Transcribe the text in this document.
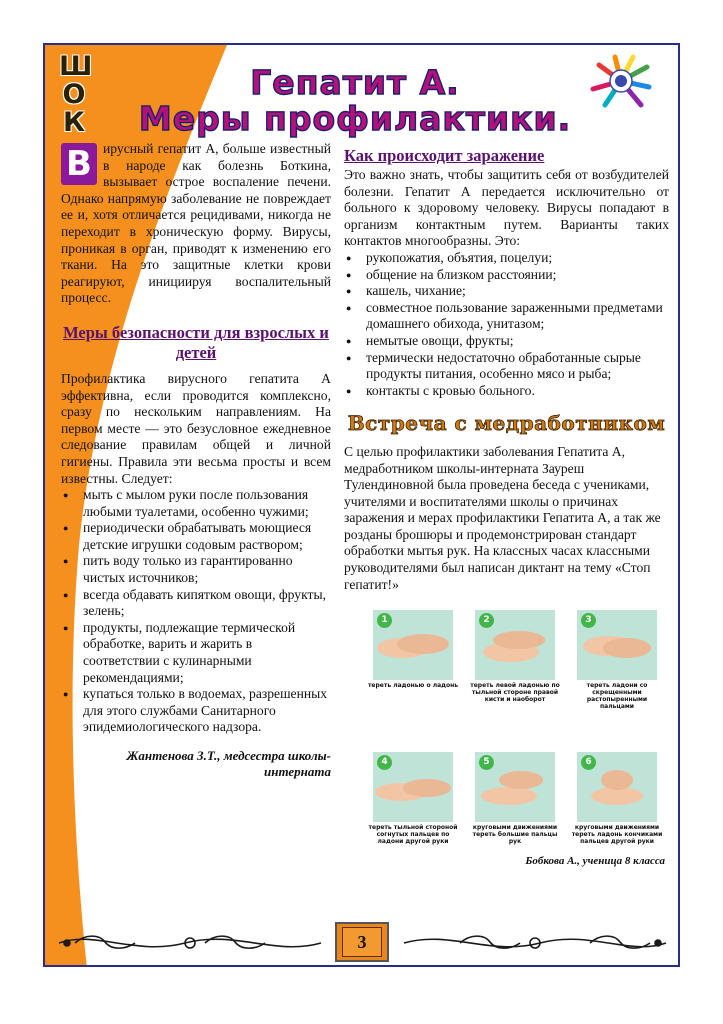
Ш
О
К
Гепатит А.
Меры профилактики.

В ирусный гепатит А, больше известный в народе как болезнь Боткина, вызывает острое воспаление печени. Однако напрямую заболевание не повреждает ее и, хотя отличается рецидивами, никогда не переходит в хроническую форму. Вирусы, проникая в орган, приводят к изменению его ткани. На это защитные клетки крови реагируют, инициируя воспалительный процесс.

Меры безопасности для взрослых и детей

Профилактика вирусного гепатита А эффективна, если проводится комплексно, сразу по нескольким направлениям. На первом месте — это безусловное ежедневное следование правилам общей и личной гигиены. Правила эти весьма просты и всем известны. Следует:

● мыть с мылом руки после пользования любыми туалетами, особенно чужими;
● периодически обрабатывать моющиеся детские игрушки содовым раствором;
● пить воду только из гарантированно чистых источников;
● всегда обдавать кипятком овощи, фрукты, зелень;
● продукты, подлежащие термической обработке, варить и жарить в соответствии с кулинарными рекомендациями;
● купаться только в водоемах, разрешенных для этого службами Санитарного эпидемиологического надзора.
Жантенова З.Т., медсестра школы-
интерната
Как происходит заражение

Это важно знать, чтобы защитить себя от возбудителей болезни. Гепатит А передается исключительно от больного к здоровому человеку. Вирусы попадают в организм контактным путем. Варианты таких контактов многообразны. Это:

● рукопожатия, объятия, поцелуи;
● общение на близком расстоянии;
● кашель, чихание;
● совместное пользование зараженными предметами домашнего обихода, унитазом;
● немытые овощи, фрукты;
● термически недостаточно обработанные сырые продукты питания, особенно мясо и рыба;
● контакты с кровью больного.
Встреча с медработником

С целью профилактики заболевания Гепатита А, медработником школы-интерната Зауреш Тулендиновной была проведена беседа с учениками, учителями и воспитателями школы о причинах заражения и мерах профилактики Гепатита А, а так же розданы брошюры и продемонстрирован стандарт обработки мытья рук. На классных часах классными руководителями был написан диктант на тему «Стоп гепатит!»

1
тереть ладонью о ладонь
2
тереть левой ладонью по тыльной стороне правой кисти и наоборот
3
тереть ладони со скрещенными растопыренными пальцами
4
тереть тыльной стороной согнутых пальцев по ладони другой руки
5
круговыми движениями тереть большие пальцы рук
6
круговыми движениями тереть ладонь кончиками пальцев другой руки
Бобкова А., ученица 8 класса
3
